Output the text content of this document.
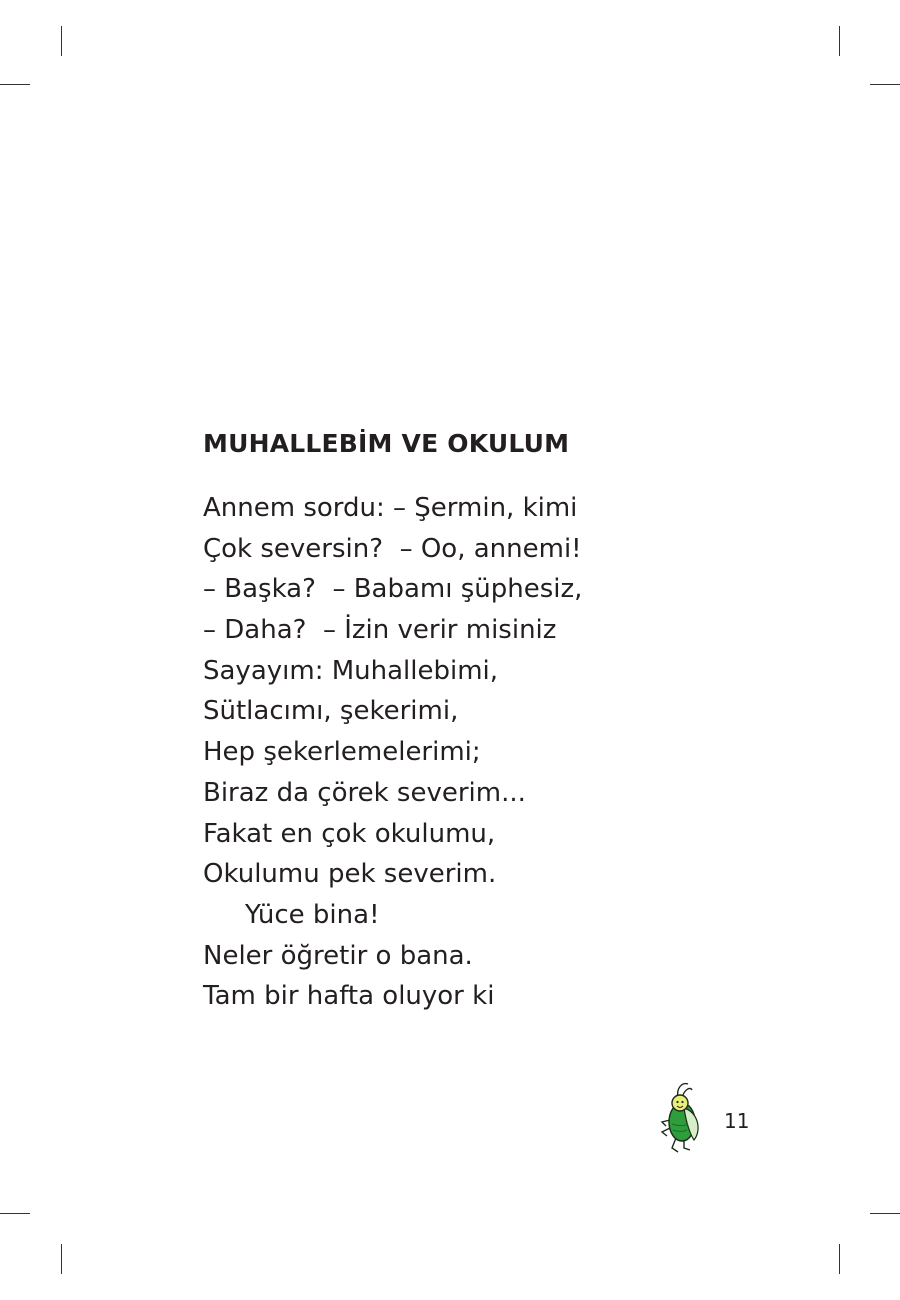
MUHALLEBİM VE OKULUM
Annem sordu: – Şermin, kimi
Çok seversin?  – Oo, annemi!
– Başka?  – Babamı şüphesiz,
– Daha?  – İzin verir misiniz
Sayayım: Muhallebimi,
Sütlacımı, şekerimi,
Hep şekerlemelerimi;
Biraz da çörek severim...
Fakat en çok okulumu,
Okulumu pek severim.
Yüce bina!
Neler öğretir o bana.
Tam bir hafta oluyor ki
11
